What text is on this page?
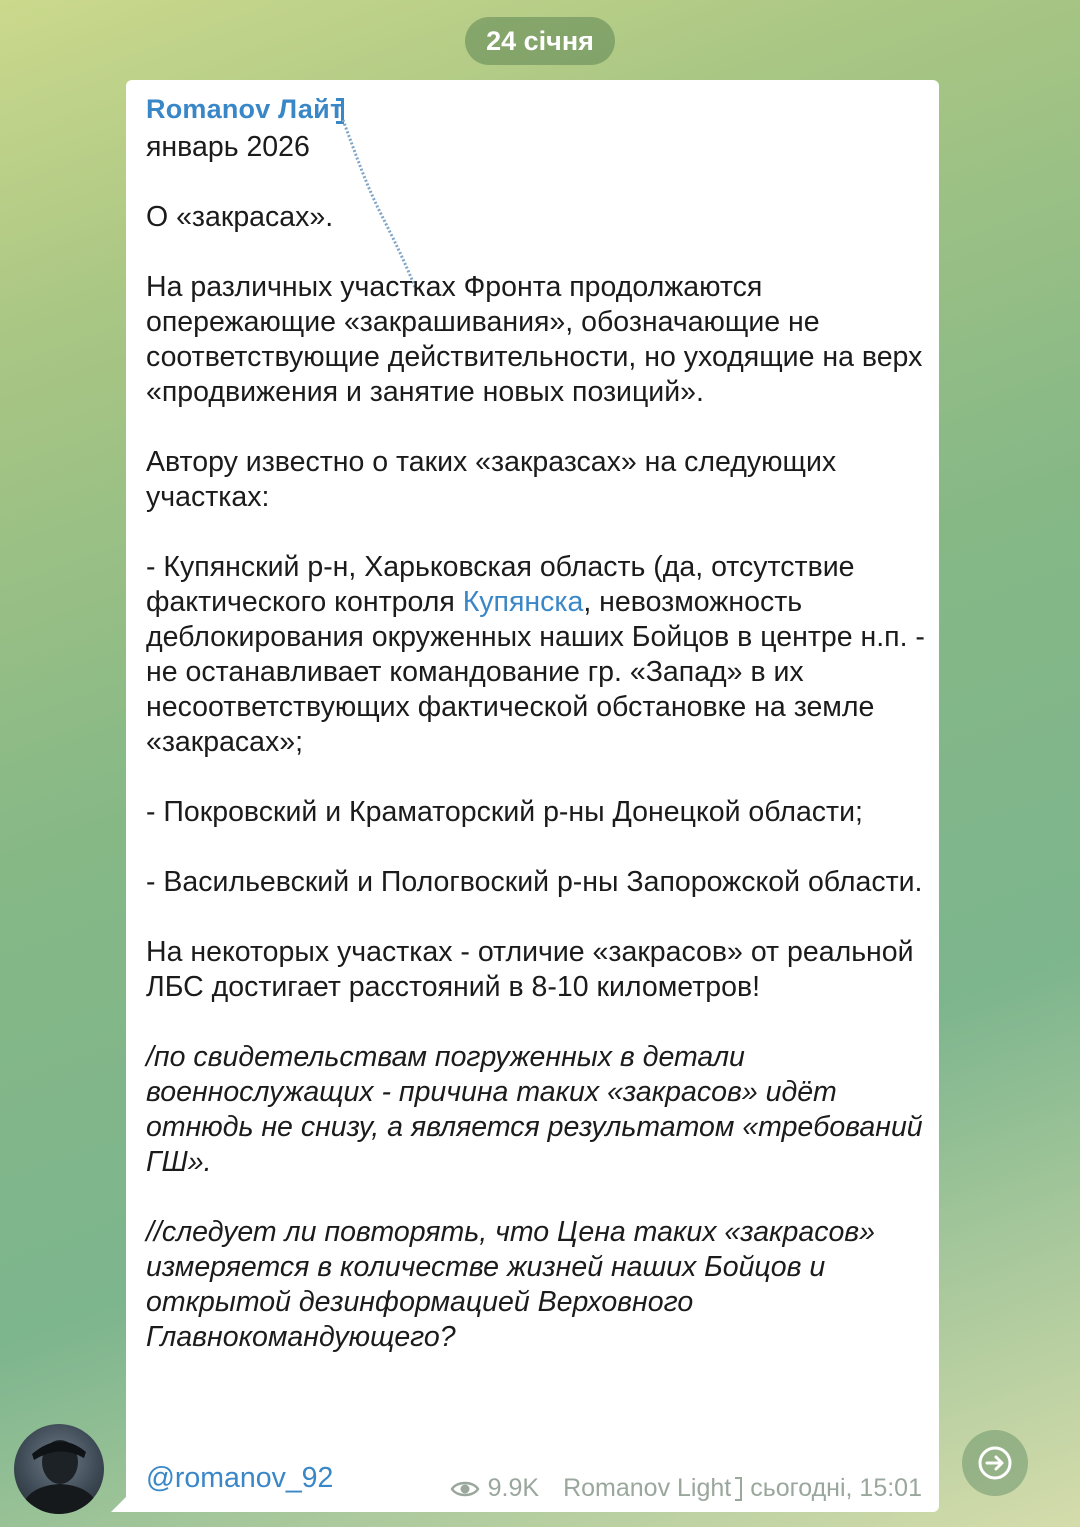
24 січня
Romanov Лайт

январь 2026

О «закрасах».

На различных участках Фронта продолжаются опережающие «закрашивания», обозначающие не соответствующие действительности, но уходящие на верх «продвижения и занятие новых позиций».

Автору известно о таких «закразсах» на следующих участках:

- Купянский р-н, Харьковская область (да, отсутствие фактического контроля Купянска, невозможность деблокирования окруженных наших Бойцов в центре н.п. - не останавливает командование гр. «Запад» в их несоответствующих фактической обстановке на земле «закрасах»;

- Покровский и Краматорский р-ны Донецкой области;

- Васильевский и Пологвоский р-ны Запорожской области.

На некоторых участках - отличие «закрасов» от реальной ЛБС достигает расстояний в 8-10 километров!

/по свидетельствам погруженных в детали военнослужащих - причина таких «закрасов» идёт отнюдь не снизу, а является результатом «требований ГШ».

//следует ли повторять, что Цена таких «закрасов» измеряется в количестве жизней наших Бойцов и открытой дезинформацией Верховного Главнокомандующего?

@romanov_92	9.9K Romanov Light сьогодні, 15:01
